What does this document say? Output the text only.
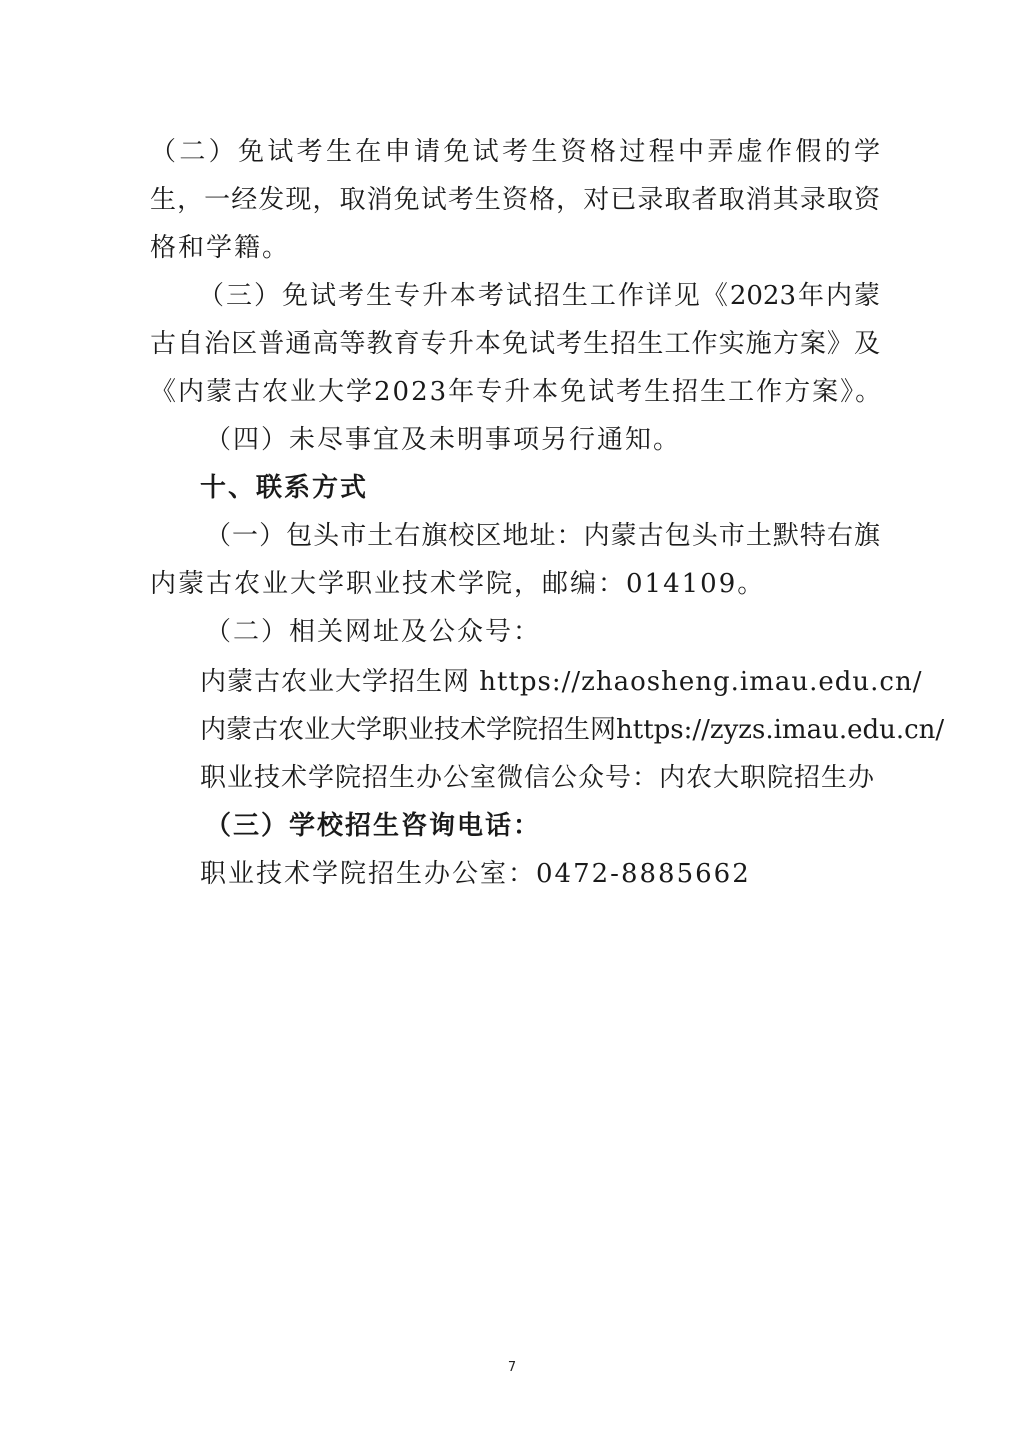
（二）免试考生在申请免试考生资格过程中弄虚作假的学
生，一经发现，取消免试考生资格，对已录取者取消其录取资
格和学籍。
（三）免试考生专升本考试招生工作详见《2023年内蒙
古自治区普通高等教育专升本免试考生招生工作实施方案》及
《内蒙古农业大学2023年专升本免试考生招生工作方案》。
（四）未尽事宜及未明事项另行通知。
十、联系方式
（一）包头市土右旗校区地址：内蒙古包头市土默特右旗
内蒙古农业大学职业技术学院，邮编：014109。
（二）相关网址及公众号：
内蒙古农业大学招生网 https://zhaosheng.imau.edu.cn/
内蒙古农业大学职业技术学院招生网https://zyzs.imau.edu.cn/
职业技术学院招生办公室微信公众号：内农大职院招生办
（三）学校招生咨询电话：
职业技术学院招生办公室：0472-8885662
7
